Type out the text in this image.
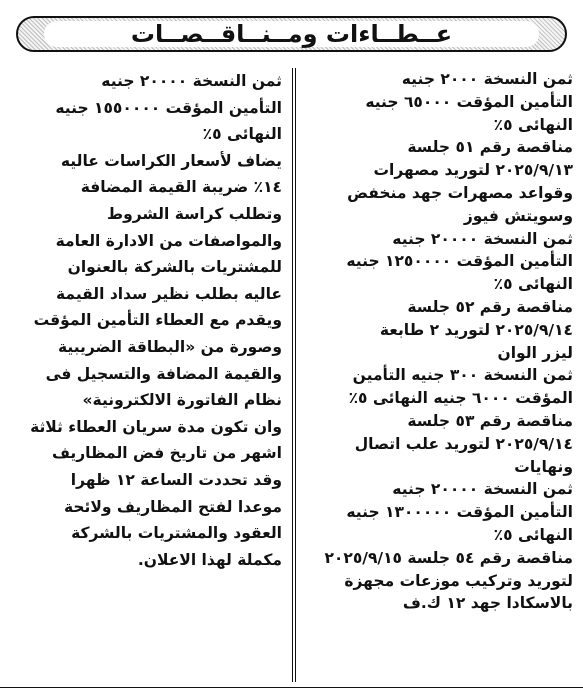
عــطــاءات ومــنــاقــصــات
ثمن النسخة ٢٠٠٠ جنيه
التأمين المؤقت ٦٥٠٠٠ جنيه
النهائى ٥٪
مناقصة رقم ٥١ جلسة
٢٠٢٥/٩/١٣ لتوريد مصهرات
وقواعد مصهرات جهد منخفض
وسويتش فيوز
ثمن النسخة ٢٠٠٠٠ جنيه
التأمين المؤقت ١٢٥٠٠٠٠ جنيه
النهائى ٥٪
مناقصة رقم ٥٢ جلسة
٢٠٢٥/٩/١٤ لتوريد ٢ طابعة
ليزر الوان
ثمن النسخة ٣٠٠ جنيه التأمين
المؤقت ٦٠٠٠ جنيه النهائى ٥٪
مناقصة رقم ٥٣ جلسة
٢٠٢٥/٩/١٤ لتوريد علب اتصال
ونهايات
ثمن النسخة ٢٠٠٠٠ جنيه
التأمين المؤقت ١٣٠٠٠٠٠ جنيه
النهائى ٥٪
مناقصة رقم ٥٤ جلسة ٢٠٢٥/٩/١٥
لتوريد وتركيب موزعات مجهزة
بالاسكادا جهد ١٢ ك.ف
ثمن النسخة ٢٠٠٠٠ جنيه
التأمين المؤقت ١٥٥٠٠٠٠ جنيه
النهائى ٥٪
يضاف لأسعار الكراسات عاليه
١٤٪ ضريبة القيمة المضافة
وتطلب كراسة الشروط
والمواصفات من الادارة العامة
للمشتريات بالشركة بالعنوان
عاليه بطلب نظير سداد القيمة
ويقدم مع العطاء التأمين المؤقت
وصورة من «البطاقة الضريبية
والقيمة المضافة والتسجيل فى
نظام الفاتورة الالكترونية»
وان تكون مدة سريان العطاء ثلاثة
اشهر من تاريخ فض المظاريف
وقد تحددت الساعة ١٢ ظهرا
موعدا لفتح المظاريف ولائحة
العقود والمشتريات بالشركة
مكملة لهذا الاعلان.
